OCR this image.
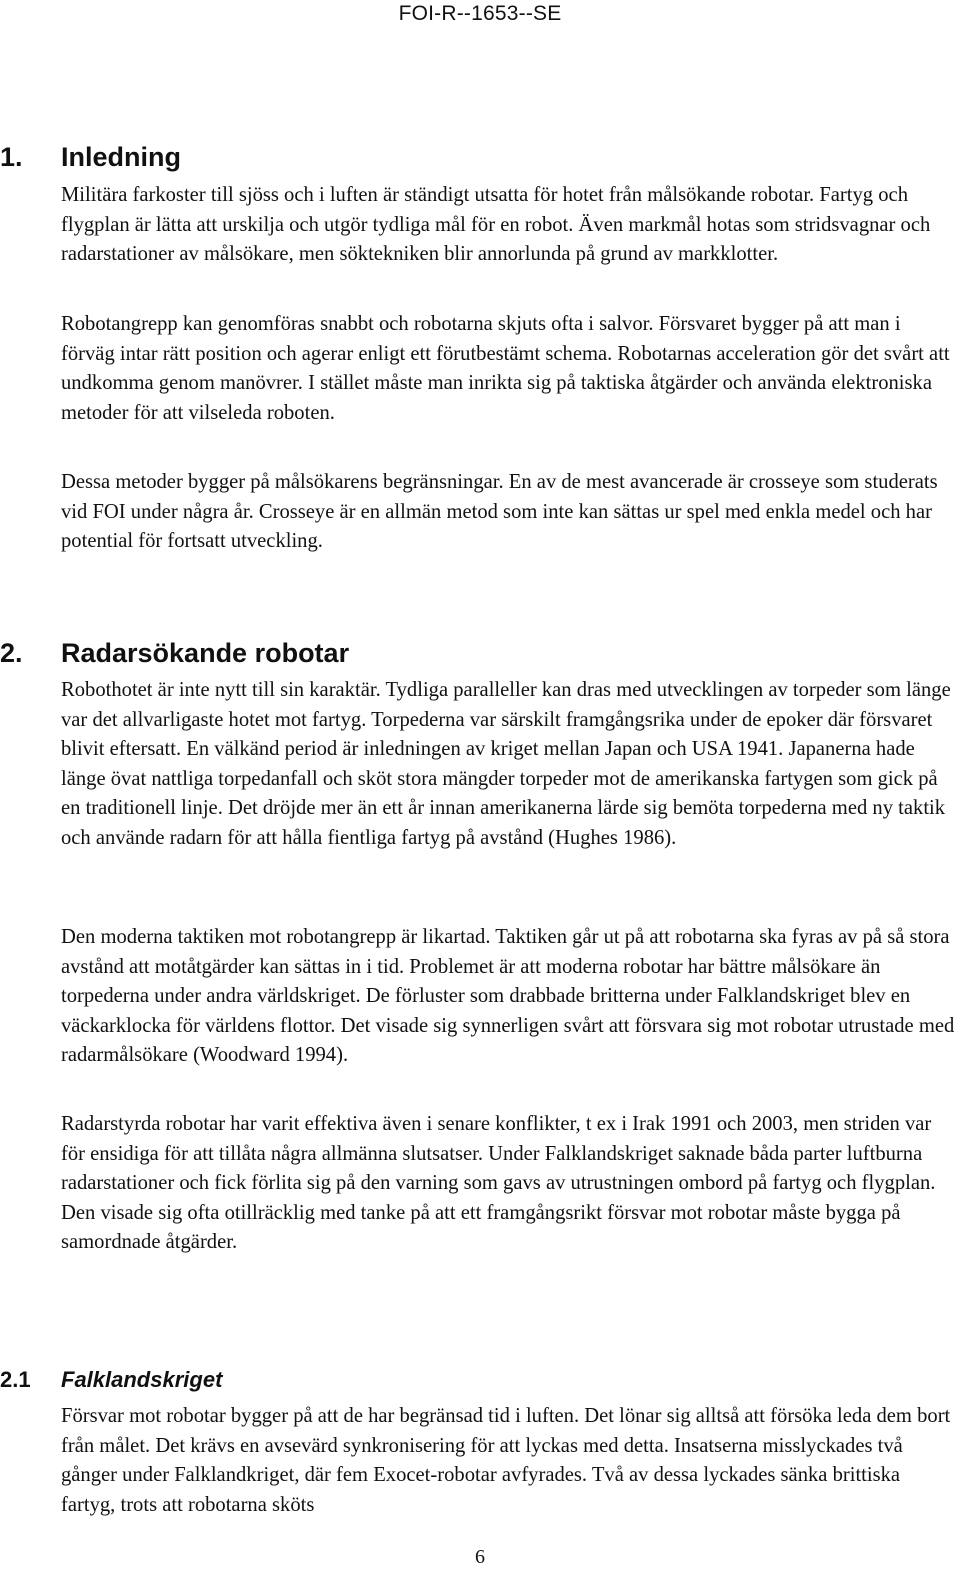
FOI-R--1653--SE
1. Inledning

Militära farkoster till sjöss och i luften är ständigt utsatta för hotet från målsökande robotar. Fartyg och flygplan är lätta att urskilja och utgör tydliga mål för en robot. Även markmål hotas som stridsvagnar och radarstationer av målsökare, men söktekniken blir annorlunda på grund av markklotter.

Robotangrepp kan genomföras snabbt och robotarna skjuts ofta i salvor. Försvaret bygger på att man i förväg intar rätt position och agerar enligt ett förutbestämt schema. Robotarnas acceleration gör det svårt att undkomma genom manövrer. I stället måste man inrikta sig på taktiska åtgärder och använda elektroniska metoder för att vilseleda roboten.

Dessa metoder bygger på målsökarens begränsningar. En av de mest avancerade är crosseye som studerats vid FOI under några år. Crosseye är en allmän metod som inte kan sättas ur spel med enkla medel och har potential för fortsatt utveckling.

2. Radarsökande robotar

Robothotet är inte nytt till sin karaktär. Tydliga paralleller kan dras med utvecklingen av torpeder som länge var det allvarligaste hotet mot fartyg. Torpederna var särskilt framgångsrika under de epoker där försvaret blivit eftersatt. En välkänd period är inledningen av kriget mellan Japan och USA 1941. Japanerna hade länge övat nattliga torpedanfall och sköt stora mängder torpeder mot de amerikanska fartygen som gick på en traditionell linje. Det dröjde mer än ett år innan amerikanerna lärde sig bemöta torpederna med ny taktik och använde radarn för att hålla fientliga fartyg på avstånd (Hughes 1986).

Den moderna taktiken mot robotangrepp är likartad. Taktiken går ut på att robotarna ska fyras av på så stora avstånd att motåtgärder kan sättas in i tid. Problemet är att moderna robotar har bättre målsökare än torpederna under andra världskriget. De förluster som drabbade britterna under Falklandskriget blev en väckarklocka för världens flottor. Det visade sig synnerligen svårt att försvara sig mot robotar utrustade med radarmålsökare (Woodward 1994).

Radarstyrda robotar har varit effektiva även i senare konflikter, t ex i Irak 1991 och 2003, men striden var för ensidiga för att tillåta några allmänna slutsatser. Under Falklandskriget saknade båda parter luftburna radarstationer och fick förlita sig på den varning som gavs av utrustningen ombord på fartyg och flygplan. Den visade sig ofta otillräcklig med tanke på att ett framgångsrikt försvar mot robotar måste bygga på samordnade åtgärder.

2.1 Falklandskriget

Försvar mot robotar bygger på att de har begränsad tid i luften. Det lönar sig alltså att försöka leda dem bort från målet. Det krävs en avsevärd synkronisering för att lyckas med detta. Insatserna misslyckades två gånger under Falklandkriget, där fem Exocet-robotar avfyrades. Två av dessa lyckades sänka brittiska fartyg, trots att robotarna sköts

6
